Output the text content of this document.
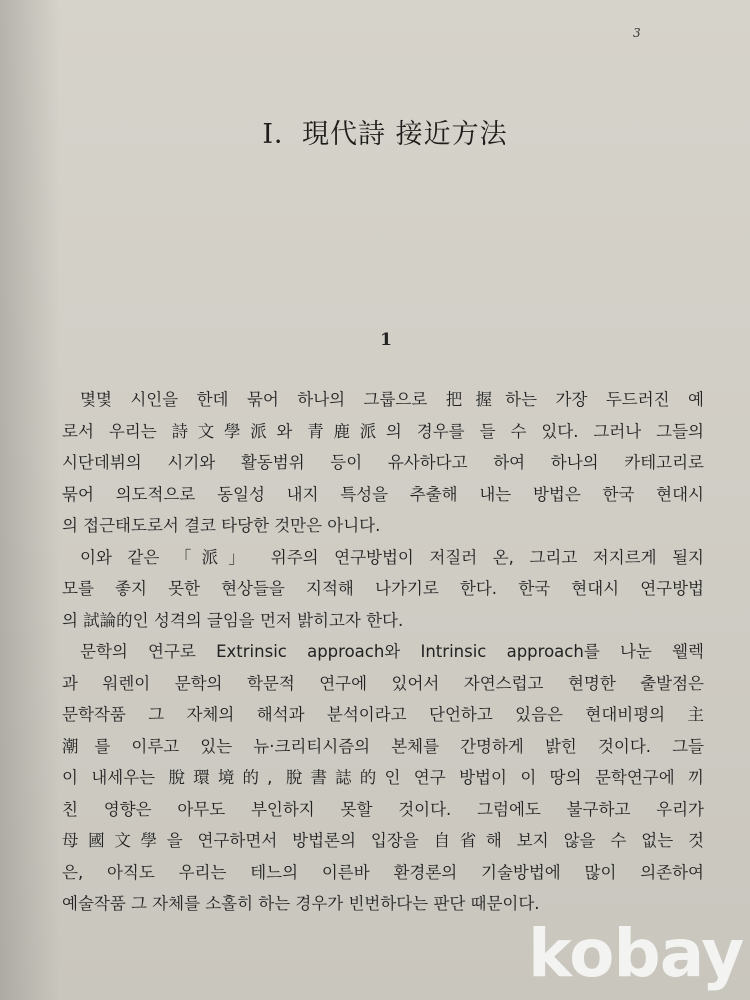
3
I．現代詩 接近方法
1
몇몇 시인을 한데 묶어 하나의 그룹으로 把握하는 가장 두드러진 예
로서 우리는 詩文學派와 青鹿派의 경우를 들 수 있다. 그러나 그들의
시단데뷔의 시기와 활동범위 등이 유사하다고 하여 하나의 카테고리로
묶어 의도적으로 동일성 내지 특성을 추출해 내는 방법은 한국 현대시
의 접근태도로서 결코 타당한 것만은 아니다.
이와 같은 「派」 위주의 연구방법이 저질러 온, 그리고 저지르게 될지
모를 좋지 못한 현상들을 지적해 나가기로 한다. 한국 현대시 연구방법
의 試論的인 성격의 글임을 먼저 밝히고자 한다.
문학의 연구로 Extrinsic approach와 Intrinsic approach를 나눈 웰렉
과 워렌이 문학의 학문적 연구에 있어서 자연스럽고 현명한 출발점은
문학작품 그 자체의 해석과 분석이라고 단언하고 있음은 현대비평의 主
潮를 이루고 있는 뉴·크리티시즘의 본체를 간명하게 밝힌 것이다. 그들
이 내세우는 脫環境的, 脫書誌的인 연구 방법이 이 땅의 문학연구에 끼
친 영향은 아무도 부인하지 못할 것이다. 그럼에도 불구하고 우리가
母國文學을 연구하면서 방법론의 입장을 自省해 보지 않을 수 없는 것
은, 아직도 우리는 테느의 이른바 환경론의 기술방법에 많이 의존하여
예술작품 그 자체를 소홀히 하는 경우가 빈번하다는 판단 때문이다.
kobay
